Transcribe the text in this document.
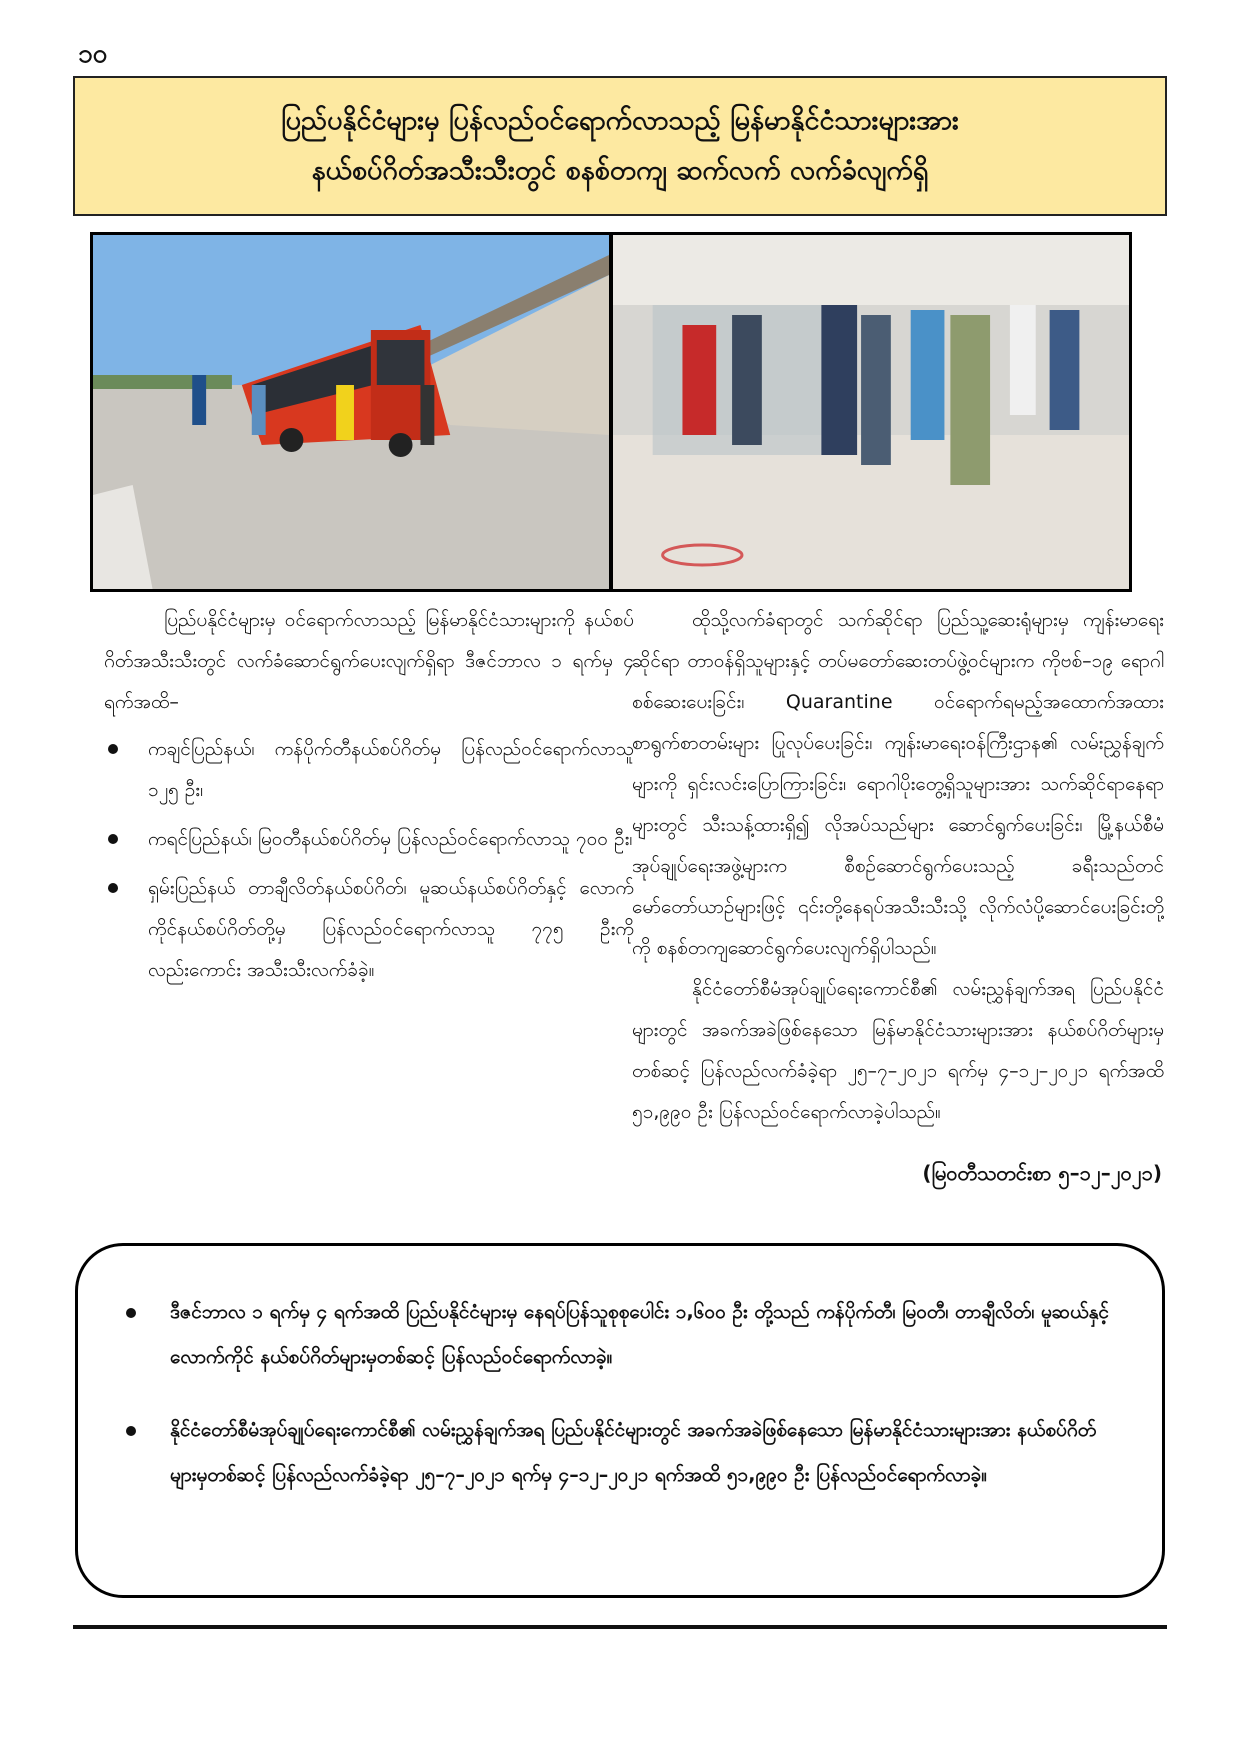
၁၀
ပြည်ပနိုင်ငံများမှ ပြန်လည်ဝင်ရောက်လာသည့် မြန်မာနိုင်ငံသားများအား
နယ်စပ်ဂိတ်အသီးသီးတွင် စနစ်တကျ ဆက်လက် လက်ခံလျက်ရှိ

ပြည်ပနိုင်ငံများမှ ဝင်ရောက်လာသည့် မြန်မာနိုင်ငံသားများကို နယ်စပ်ဂိတ်အသီးသီးတွင် လက်ခံဆောင်ရွက်ပေးလျက်ရှိရာ ဒီဇင်ဘာလ ၁ ရက်မှ ၄ ရက်အထိ–

ကချင်ပြည်နယ်၊ ကန်ပိုက်တီနယ်စပ်ဂိတ်မှ ပြန်လည်ဝင်ရောက်လာသူ ၁၂၅ ဦး၊
ကရင်ပြည်နယ်၊ မြဝတီနယ်စပ်ဂိတ်မှ ပြန်လည်ဝင်ရောက်လာသူ ၇၀၀ ဦး၊
ရှမ်းပြည်နယ် တာချီလိတ်နယ်စပ်ဂိတ်၊ မူဆယ်နယ်စပ်ဂိတ်နှင့် လောက်ကိုင်နယ်စပ်ဂိတ်တို့မှ ပြန်လည်ဝင်ရောက်လာသူ ၇၇၅ ဦးကိုလည်းကောင်း အသီးသီးလက်ခံခဲ့။

ထိုသို့လက်ခံရာတွင် သက်ဆိုင်ရာ ပြည်သူ့ဆေးရုံများမှ ကျန်းမာရေးဆိုင်ရာ တာဝန်ရှိသူများနှင့် တပ်မတော်ဆေးတပ်ဖွဲ့ဝင်များက ကိုဗစ်–၁၉ ရောဂါစစ်ဆေးပေးခြင်း၊ Quarantine ဝင်ရောက်ရမည့်အထောက်အထား စာရွက်စာတမ်းများ ပြုလုပ်ပေးခြင်း၊ ကျန်းမာရေးဝန်ကြီးဌာန၏ လမ်းညွှန်ချက်များကို ရှင်းလင်းပြောကြားခြင်း၊ ရောဂါပိုးတွေ့ရှိသူများအား သက်ဆိုင်ရာနေရာများတွင် သီးသန့်ထားရှိ၍ လိုအပ်သည်များ ဆောင်ရွက်ပေးခြင်း၊ မြို့နယ်စီမံအုပ်ချုပ်ရေးအဖွဲ့များက စီစဉ်ဆောင်ရွက်ပေးသည့် ခရီးသည်တင်မော်တော်ယာဉ်များဖြင့် ၎င်းတို့နေရပ်အသီးသီးသို့ လိုက်လံပို့ဆောင်ပေးခြင်းတို့ကို စနစ်တကျဆောင်ရွက်ပေးလျက်ရှိပါသည်။

နိုင်ငံတော်စီမံအုပ်ချုပ်ရေးကောင်စီ၏ လမ်းညွှန်ချက်အရ ပြည်ပနိုင်ငံများတွင် အခက်အခဲဖြစ်နေသော မြန်မာနိုင်ငံသားများအား နယ်စပ်ဂိတ်များမှတစ်ဆင့် ပြန်လည်လက်ခံခဲ့ရာ ၂၅–၇–၂၀၂၁ ရက်မှ ၄–၁၂–၂၀၂၁ ရက်အထိ ၅၁,၉၉၀ ဦး ပြန်လည်ဝင်ရောက်လာခဲ့ပါသည်။

(မြဝတီသတင်းစာ ၅–၁၂–၂၀၂၁)
ဒီဇင်ဘာလ ၁ ရက်မှ ၄ ရက်အထိ ပြည်ပနိုင်ငံများမှ နေရပ်ပြန်သူစုစုပေါင်း ၁,၆၀၀ ဦး တို့သည် ကန်ပိုက်တီ၊ မြဝတီ၊ တာချီလိတ်၊ မူဆယ်နှင့် လောက်ကိုင် နယ်စပ်ဂိတ်များမှတစ်ဆင့် ပြန်လည်ဝင်ရောက်လာခဲ့။
နိုင်ငံတော်စီမံအုပ်ချုပ်ရေးကောင်စီ၏ လမ်းညွှန်ချက်အရ ပြည်ပနိုင်ငံများတွင် အခက်အခဲဖြစ်နေသော မြန်မာနိုင်ငံသားများအား နယ်စပ်ဂိတ်များမှတစ်ဆင့် ပြန်လည်လက်ခံခဲ့ရာ ၂၅–၇–၂၀၂၁ ရက်မှ ၄–၁၂–၂၀၂၁ ရက်အထိ ၅၁,၉၉၀ ဦး ပြန်လည်ဝင်ရောက်လာခဲ့။
